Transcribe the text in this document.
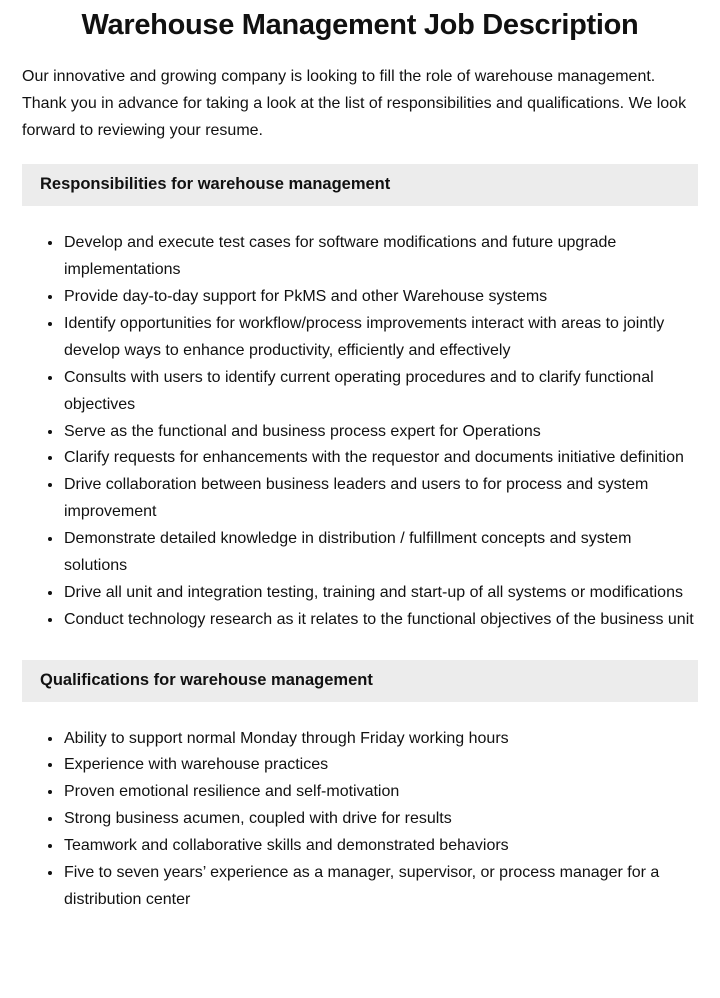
Warehouse Management Job Description

Our innovative and growing company is looking to fill the role of warehouse management. Thank you in advance for taking a look at the list of responsibilities and qualifications. We look forward to reviewing your resume.

Responsibilities for warehouse management
• Develop and execute test cases for software modifications and future upgrade implementations
• Provide day-to-day support for PkMS and other Warehouse systems
• Identify opportunities for workflow/process improvements interact with areas to jointly develop ways to enhance productivity, efficiently and effectively
• Consults with users to identify current operating procedures and to clarify functional objectives
• Serve as the functional and business process expert for Operations
• Clarify requests for enhancements with the requestor and documents initiative definition
• Drive collaboration between business leaders and users to for process and system improvement
• Demonstrate detailed knowledge in distribution / fulfillment concepts and system solutions
• Drive all unit and integration testing, training and start-up of all systems or modifications
• Conduct technology research as it relates to the functional objectives of the business unit
Qualifications for warehouse management
• Ability to support normal Monday through Friday working hours
• Experience with warehouse practices
• Proven emotional resilience and self-motivation
• Strong business acumen, coupled with drive for results
• Teamwork and collaborative skills and demonstrated behaviors
• Five to seven years’ experience as a manager, supervisor, or process manager for a distribution center
